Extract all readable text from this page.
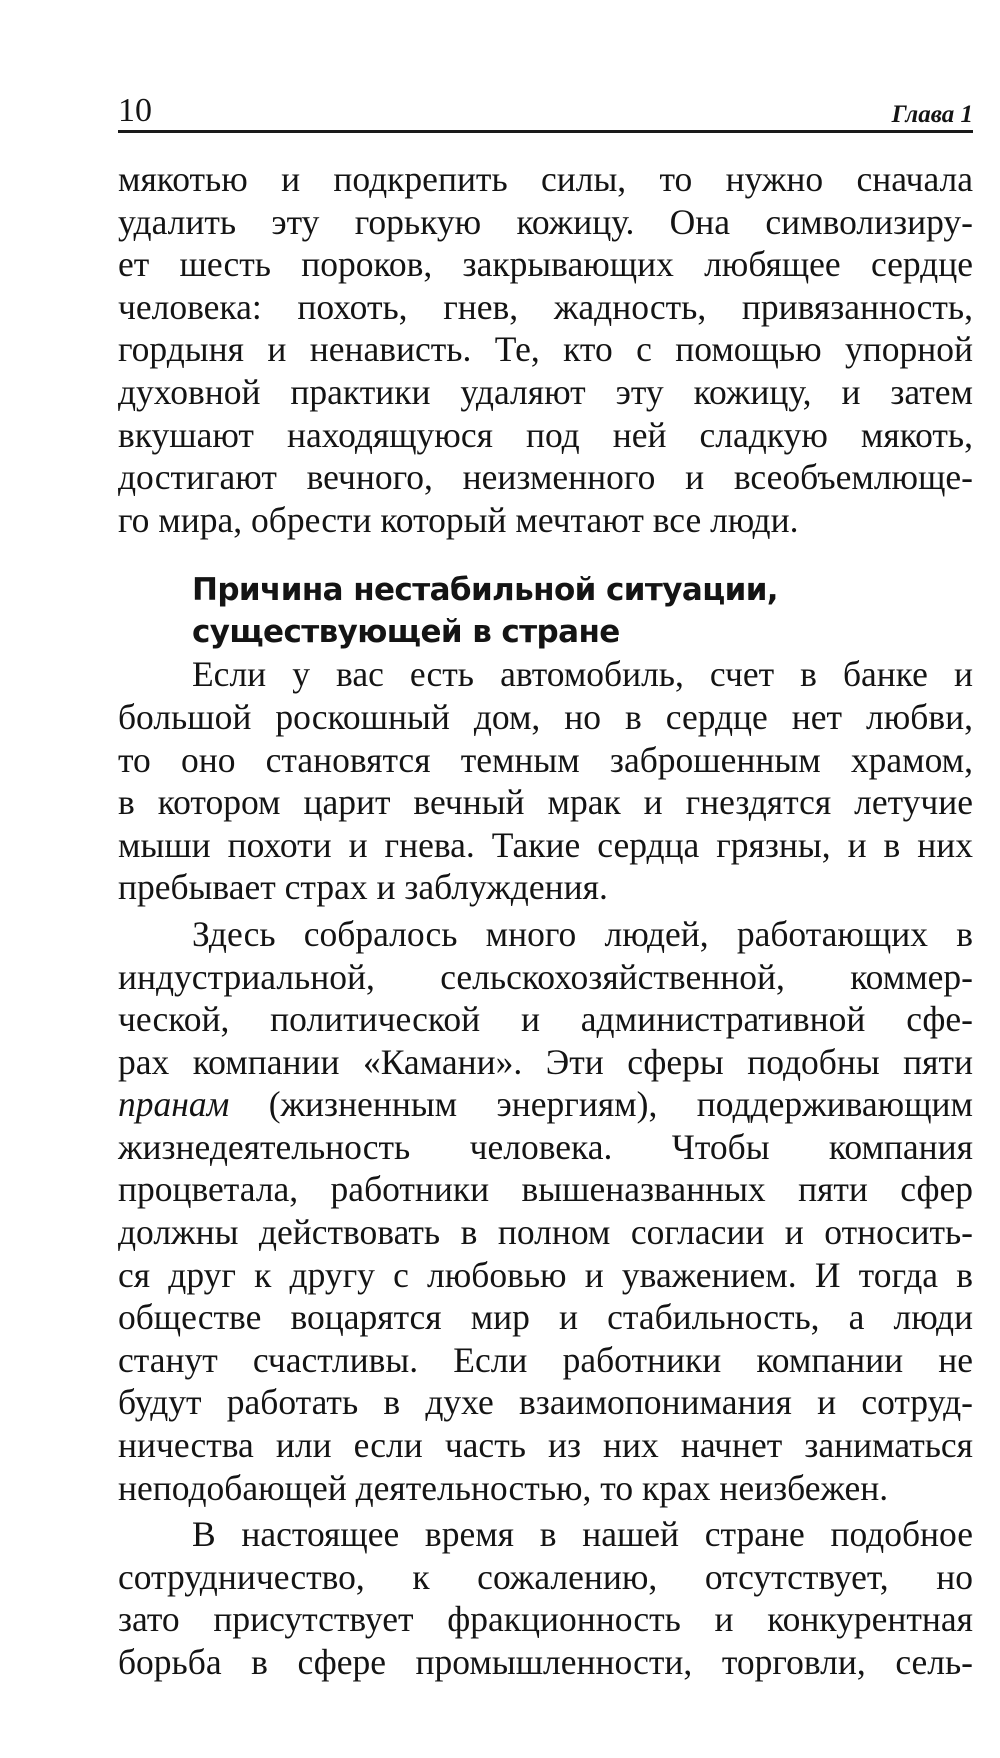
10	Глава 1

мякотью и подкрепить силы, то нужно сначала
удалить эту горькую кожицу. Она символизиру-
ет шесть пороков, закрывающих любящее сердце
человека: похоть, гнев, жадность, привязанность,
гордыня и ненависть. Те, кто с помощью упорной
духовной практики удаляют эту кожицу, и затем
вкушают находящуюся под ней сладкую мякоть,
достигают вечного, неизменного и всеобъемлюще-
го мира, обрести который мечтают все люди.

Причина нестабильной ситуации,
существующей в стране

Если у вас есть автомобиль, счет в банке и
большой роскошный дом, но в сердце нет любви,
то оно становятся темным заброшенным храмом,
в котором царит вечный мрак и гнездятся летучие
мыши похоти и гнева. Такие сердца грязны, и в них
пребывает страх и заблуждения.

Здесь собралось много людей, работающих в
индустриальной, сельскохозяйственной, коммер-
ческой, политической и административной сфе-
рах компании «Камани». Эти сферы подобны пяти
пранам (жизненным энергиям), поддерживающим
жизнедеятельность человека. Чтобы компания
процветала, работники вышеназванных пяти сфер
должны действовать в полном согласии и относить-
ся друг к другу с любовью и уважением. И тогда в
обществе воцарятся мир и стабильность, а люди
станут счастливы. Если работники компании не
будут работать в духе взаимопонимания и сотруд-
ничества или если часть из них начнет заниматься
неподобающей деятельностью, то крах неизбежен.

В настоящее время в нашей стране подобное
сотрудничество, к сожалению, отсутствует, но
зато присутствует фракционность и конкурентная
борьба в сфере промышленности, торговли, сель-
